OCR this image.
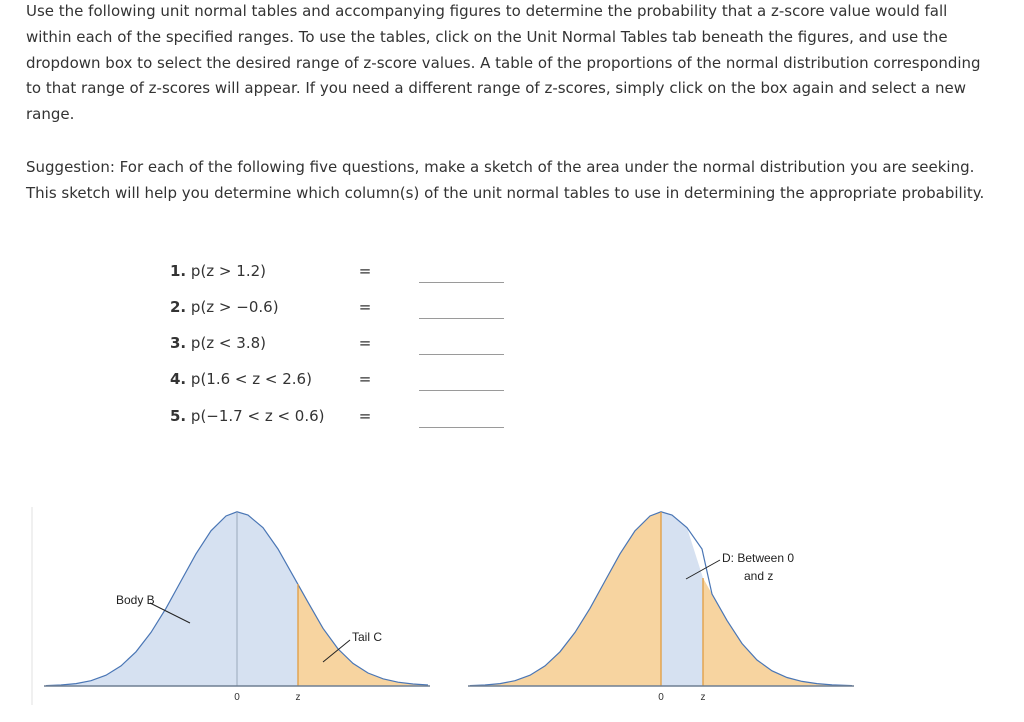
Use the following unit normal tables and accompanying figures to determine the probability that a z-score value would fall within each of the specified ranges. To use the tables, click on the Unit Normal Tables tab beneath the figures, and use the dropdown box to select the desired range of z-score values. A table of the proportions of the normal distribution corresponding to that range of z-scores will appear. If you need a different range of z-scores, simply click on the box again and select a new range.

Suggestion: For each of the following five questions, make a sketch of the area under the normal distribution you are seeking. This sketch will help you determine which column(s) of the unit normal tables to use in determining the appropriate probability.

1. p(z > 1.2)	=
2. p(z > −0.6)	=
3. p(z < 3.8)	=
4. p(1.6 < z < 2.6)	=
5. p(−1.7 < z < 0.6) =
Body B
Tail C
0	z
D: Between 0
and z
0	z
